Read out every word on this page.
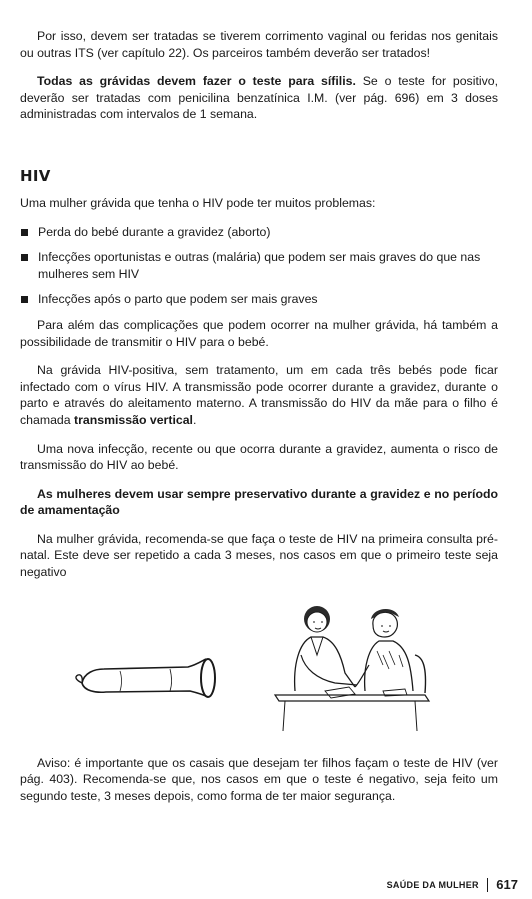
Por isso, devem ser tratadas se tiverem corrimento vaginal ou feridas nos genitais ou outras ITS (ver capítulo 22). Os parceiros também deverão ser tratados!

Todas as grávidas devem fazer o teste para sífilis. Se o teste for positivo, deverão ser tratadas com penicilina benzatínica I.M. (ver pág. 696) em 3 doses administradas com intervalos de 1 semana.

HIV

Uma mulher grávida que tenha o HIV pode ter muitos problemas:

Perda do bebé durante a gravidez (aborto)
Infecções oportunistas e outras (malária) que podem ser mais graves do que nas mulheres sem HIV
Infecções após o parto que podem ser mais graves

Para além das complicações que podem ocorrer na mulher grávida, há também a possibilidade de transmitir o HIV para o bebé.

Na grávida HIV-positiva, sem tratamento, um em cada três bebés pode ficar infectado com o vírus HIV. A transmissão pode ocorrer durante a gravidez, durante o parto e através do aleitamento materno. A transmissão do HIV da mãe para o filho é chamada transmissão vertical.

Uma nova infecção, recente ou que ocorra durante a gravidez, aumenta o risco de transmissão do HIV ao bebé.

As mulheres devem usar sempre preservativo durante a gravidez e no período de amamentação

Na mulher grávida, recomenda-se que faça o teste de HIV na primeira consulta pré-natal. Este deve ser repetido a cada 3 meses, nos casos em que o primeiro teste seja negativo

Aviso: é importante que os casais que desejam ter filhos façam o teste de HIV (ver pág. 403). Recomenda-se que, nos casos em que o teste é negativo, seja feito um segundo teste, 3 meses depois, como forma de ter maior segurança.

SAÚDE DA MULHER 617
